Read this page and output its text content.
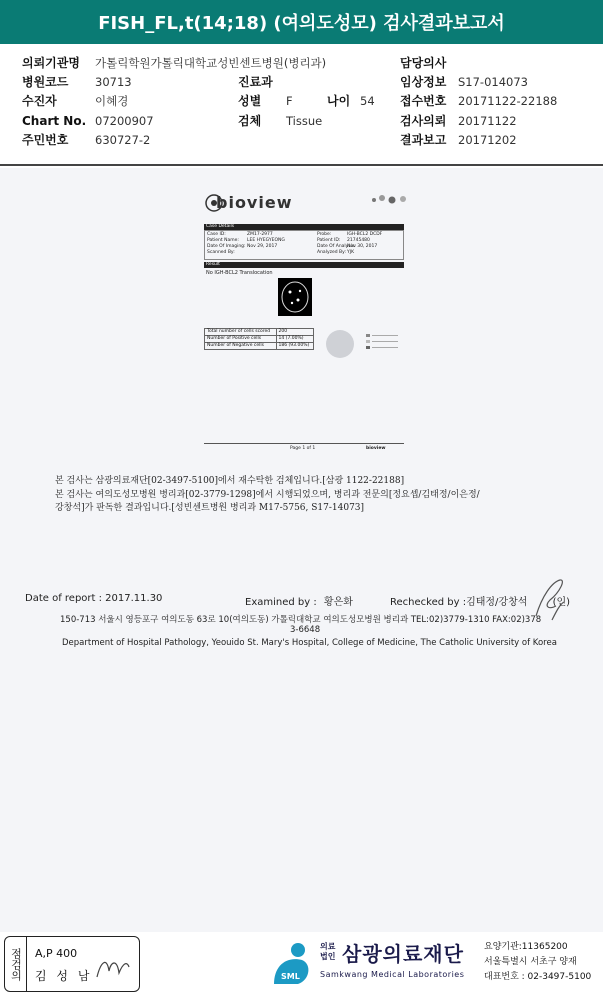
FISH_FL,t(14;18) (여의도성모) 검사결과보고서
의뢰기관명 가톨릭학원가톨릭대학교성빈센트병원(병리과)	담당의사
병원코드 30713	진료과	임상정보 S17-014073
수진자	이혜경	성별 F	나이 54 접수번호 20171122-22188
Chart No. 07200907	검체 Tissue	검사의뢰 20171122
주민번호 630727-2	결과보고 20171202
bioview
Case Details
Case ID:	ZM17-2977	Probe:	IGH-BCL2 DCDF
Patient Name: LEE HYEGYEONG	Patient ID: 21745480
Date Of Imaging: Nov 29, 2017	Date Of Analysis:
Nov 30, 2017
Scanned By:	Analyzed By: YJK
Result
No IGH-BCL2 Translocation
Total number of cells scored	200
Number of Positive cells	14 (7.00%)
Number of Negative cells	186 (93.00%)
Page 1 of 1	bioview
본 검사는 삼광의료재단[02-3497-5100]에서 재수탁한 검체입니다.[삼광 1122-22188]
본 검사는 여의도성모병원 병리과[02-3779-1298]에서 시행되었으며, 병리과 전문의[정요셉/김태정/이은정/
강창석]가 판독한 결과입니다.[성빈센트병원 병리과 M17-5756, S17-14073]
Date of report : 2017.11.30	Examined by : 황은화	Rechecked by :김태정/강창석	(인)
150-713 서울시 영등포구 여의도동 63로 10(여의도동) 가톨릭대학교 여의도성모병원 병리과 TEL:02)3779-1310 FAX:02)378
3-6648
Department of Hospital Pathology, Yeouido St. Mary's Hospital, College of Medicine, The Catholic University of Korea
점검의	A,P 400
김 성 남	SML
의료
법인 삼광의료재단
Samkwang Medical Laboratories
요양기관:11365200
서울특별시 서초구 양재
대표번호 : 02-3497-5100
